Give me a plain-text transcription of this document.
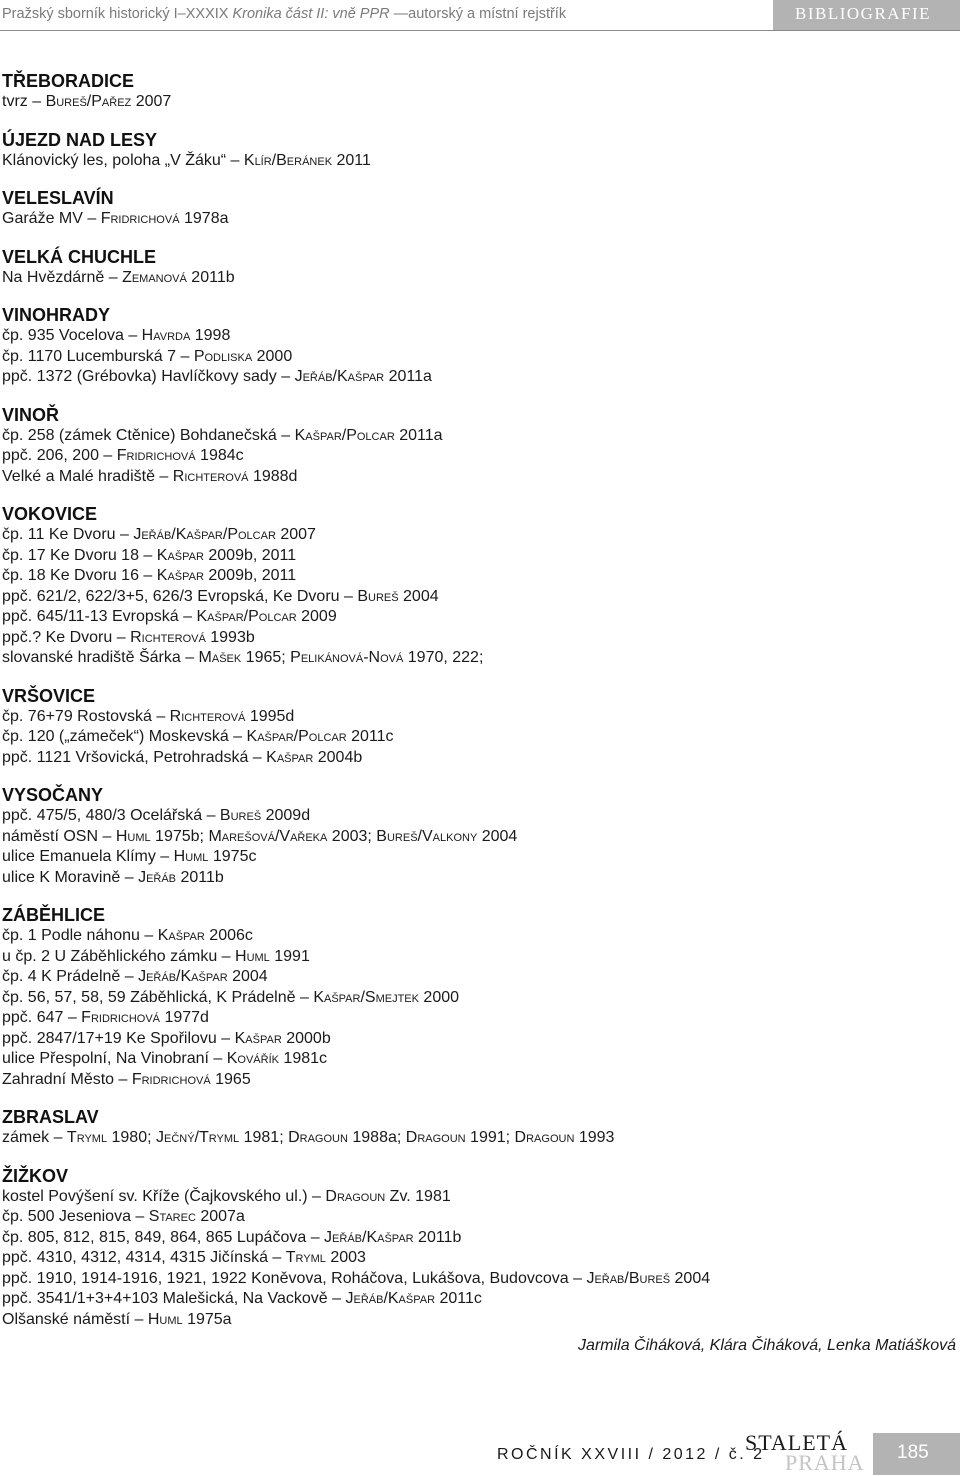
Pražský sborník historický I–XXXIX Kronika část II: vně PPR —autorský a místní rejstřík	BIBLIOGRAFIE
TŘEBORADICE
tvrz – Bureš/Pařez 2007
ÚJEZD NAD LESY
Klánovický les, poloha „V Žáku“ – Klír/Beránek 2011
VELESLAVÍN
Garáže MV – Fridrichová 1978a
VELKÁ CHUCHLE
Na Hvězdárně – Zemanová 2011b
VINOHRADY
čp. 935 Vocelova – Havrda 1998
čp. 1170 Lucemburská 7 – Podliska 2000
ppč. 1372 (Grébovka) Havlíčkovy sady – Jeřáb/Kašpar 2011a
VINOŘ
čp. 258 (zámek Ctěnice) Bohdanečská – Kašpar/Polcar 2011a
ppč. 206, 200 – Fridrichová 1984c
Velké a Malé hradiště – Richterová 1988d
VOKOVICE
čp. 11 Ke Dvoru – Jeřáb/Kašpar/Polcar 2007
čp. 17 Ke Dvoru 18 – Kašpar 2009b, 2011
čp. 18 Ke Dvoru 16 – Kašpar 2009b, 2011
ppč. 621/2, 622/3+5, 626/3 Evropská, Ke Dvoru – Bureš 2004
ppč. 645/11-13 Evropská – Kašpar/Polcar 2009
ppč.? Ke Dvoru – Richterová 1993b
slovanské hradiště Šárka – Mašek 1965; Pelikánová-Nová 1970, 222;
VRŠOVICE
čp. 76+79 Rostovská – Richterová 1995d
čp. 120 („zámeček“) Moskevská – Kašpar/Polcar 2011c
ppč. 1121 Vršovická, Petrohradská – Kašpar 2004b
VYSOČANY
ppč. 475/5, 480/3 Ocelářská – Bureš 2009d
náměstí OSN – Huml 1975b; Marešová/Vařeka 2003; Bureš/Valkony 2004
ulice Emanuela Klímy – Huml 1975c
ulice K Moravině – Jeřáb 2011b
ZÁBĚHLICE
čp. 1 Podle náhonu – Kašpar 2006c
u čp. 2 U Záběhlického zámku – Huml 1991
čp. 4 K Prádelně – Jeřáb/Kašpar 2004
čp. 56, 57, 58, 59 Záběhlická, K Prádelně – Kašpar/Smejtek 2000
ppč. 647 – Fridrichová 1977d
ppč. 2847/17+19 Ke Spořilovu – Kašpar 2000b
ulice Přespolní, Na Vinobraní – Kovářík 1981c
Zahradní Město – Fridrichová 1965
ZBRASLAV
zámek – Tryml 1980; Ječný/Tryml 1981; Dragoun 1988a; Dragoun 1991; Dragoun 1993
ŽIŽKOV
kostel Povýšení sv. Kříže (Čajkovského ul.) – Dragoun Zv. 1981
čp. 500 Jeseniova – Starec 2007a
čp. 805, 812, 815, 849, 864, 865 Lupáčova – Jeřáb/Kašpar 2011b
ppč. 4310, 4312, 4314, 4315 Jičínská – Tryml 2003
ppč. 1910, 1914-1916, 1921, 1922 Koněvova, Roháčova, Lukášova, Budovcova – Jeřab/Bureš 2004
ppč. 3541/1+3+4+103 Malešická, Na Vackově – Jeřáb/Kašpar 2011c
Olšanské náměstí – Huml 1975a
Jarmila Čiháková, Klára Čiháková, Lenka Matiášková
ROČNÍK XXVIII / 2012 / č. 2
STALETÁ
PRAHA 185
